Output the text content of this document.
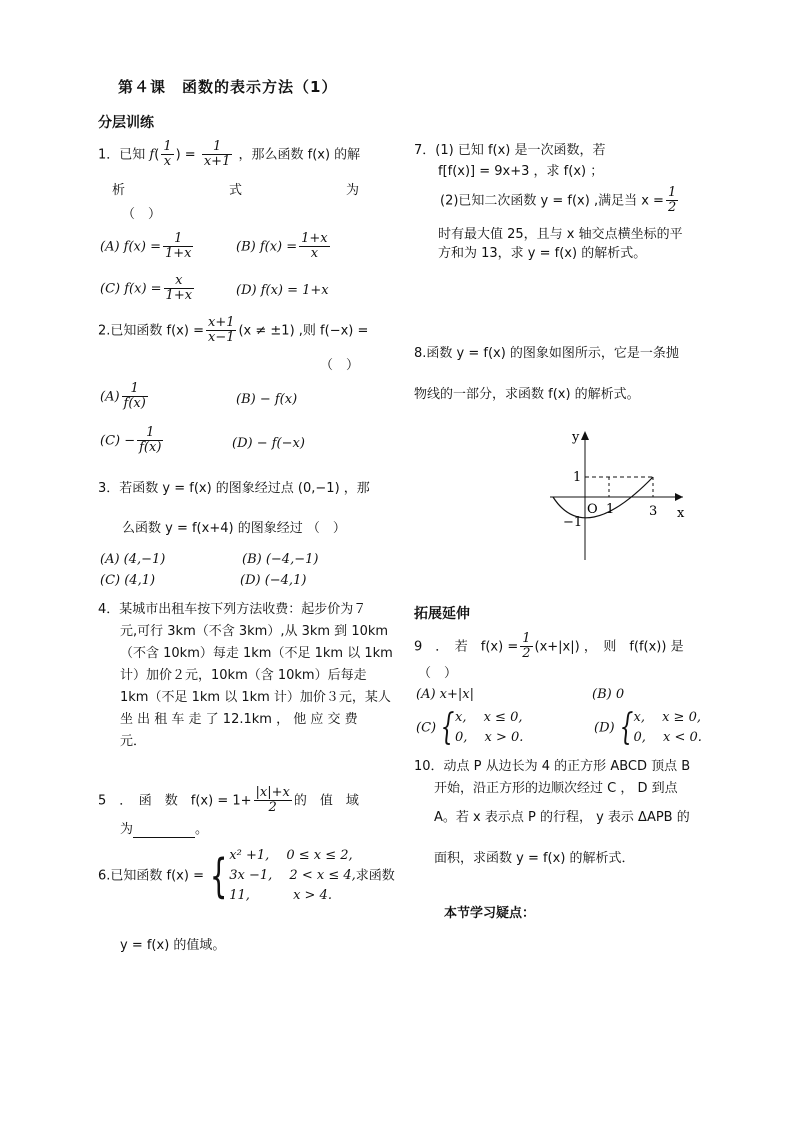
第４课　函数的表示方法（1）
分层训练
1．已知 $f( \frac{1}{x}$ ) = $\frac{1}{x+1}$ ，那么函数 f(x) 的解
析　　　　　　　　式　　　　　　　　为
（　）
(A) $f(x) = \frac{1}{1+x}$	(B) $f(x) = \frac{1+x}{x}$
(C) $f(x) = \frac{x}{1+x}$	(D) f(x) = 1+x
2.已知函数 $f(x) = \frac{x+1}{x-1} (x \ne \pm 1)$ ,则 f(−x) =
（　）
$(A) \frac{1}{f(x)}$	(B) − f(x)
$(C) - \frac{1}{f(x)}$	(D) − f(−x)
3．若函数 y = f(x) 的图象经过点 (0,−1) ，那
么函数 y = f(x+4) 的图象经过 （　）
(A) (4,−1)	(B) (−4,−1)
(C) (4,1)	(D) (−4,1)
4．某城市出租车按下列方法收费：起步价为７
元,可行 3km（不含 3km）,从 3km 到 10km
（不含 10km）每走 1km（不足 1km 以 1km
计）加价２元，10km（含 10km）后每走
1km（不足 1km 以 1km 计）加价３元，某人
坐 出 租 车 走 了 12.1km ， 他 应 交 费
元．
5　．　函　数　$f(x) = 1+ \frac{|x|+x}{2}$ 的　值　域
为	。
6.已知函数 f(x) = { x² +1,　 0 ≤ x ≤ 2,
3x −1,　 2 < x ≤ 4,
11,　　　 x > 4.
求函数
y = f(x) 的值域。
7．(1) 已知 f(x) 是一次函数，若
f[f(x)] = 9x+3 ，求 f(x) ；
(2)已知二次函数 y = f(x) ,满足当 $x = \frac{1}{2}$
时有最大值 25，且与 x 轴交点横坐标的平
方和为 13，求 y = f(x) 的解析式。
8.函数 y = f(x) 的图象如图所示，它是一条抛
物线的一部分，求函数 f(x) 的解析式。
y
x
O 1	3
1
−1
拓展延伸
9　．　若　$f(x) = \frac{1}{2} (x+|x|)$ ，　则　f(f(x)) 是
（　）
(A) x+|x|	(B) 0
(C) { x,　 x ≤ 0,
0,　 x > 0.
(D) { x,　 x ≥ 0,
0,　 x < 0.
10．动点 P 从边长为 4 的正方形 ABCD 顶点 B
开始，沿正方形的边顺次经过 C ， D 到点
A。若 x 表示点 P 的行程， y 表示 ΔAPB 的
面积，求函数 y = f(x) 的解析式．
本节学习疑点：
